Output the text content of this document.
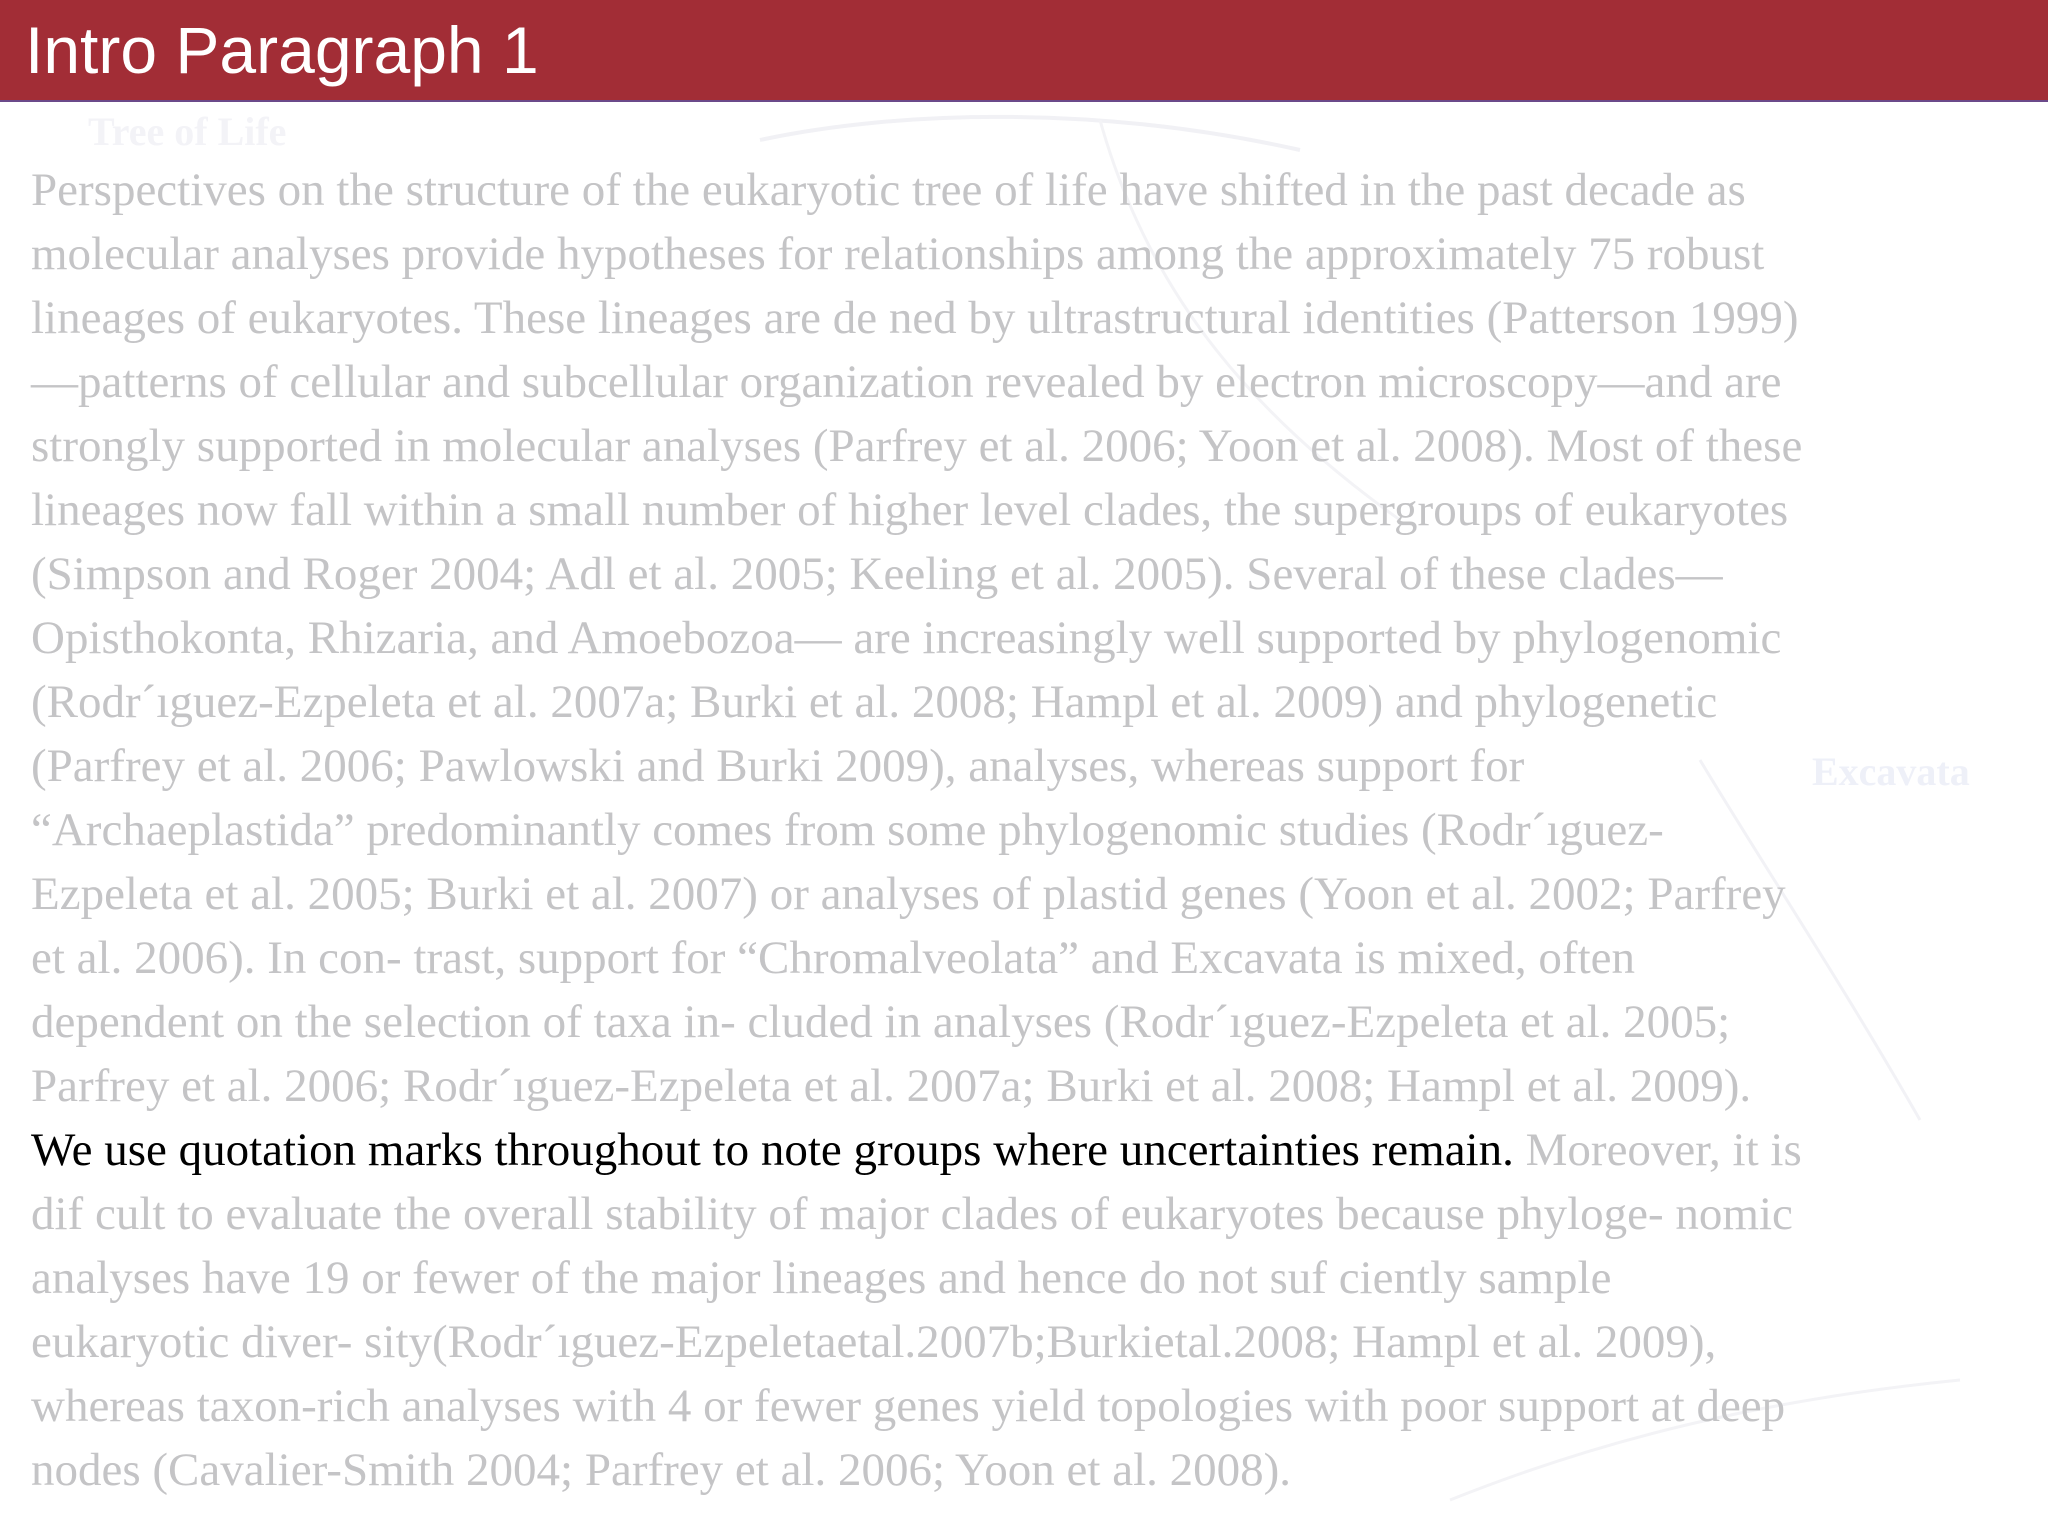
Tree of Life
Excavata
Intro Paragraph 1

Perspectives on the structure of the eukaryotic tree of life have shifted in the past decade as
molecular analyses provide hypotheses for relationships among the approximately 75 robust
lineages of eukaryotes. These lineages are de ned by ultrastructural identities (Patterson 1999)
—patterns of cellular and subcellular organization revealed by electron microscopy—and are
strongly supported in molecular analyses (Parfrey et al. 2006; Yoon et al. 2008). Most of these
lineages now fall within a small number of higher level clades, the supergroups of eukaryotes
(Simpson and Roger 2004; Adl et al. 2005; Keeling et al. 2005). Several of these clades—
Opisthokonta, Rhizaria, and Amoebozoa— are increasingly well supported by phylogenomic
(Rodr´ıguez-Ezpeleta et al. 2007a; Burki et al. 2008; Hampl et al. 2009) and phylogenetic
(Parfrey et al. 2006; Pawlowski and Burki 2009), analyses, whereas support for
“Archaeplastida” predominantly comes from some phylogenomic studies (Rodr´ıguez-
Ezpeleta et al. 2005; Burki et al. 2007) or analyses of plastid genes (Yoon et al. 2002; Parfrey
et al. 2006). In con- trast, support for “Chromalveolata” and Excavata is mixed, often
dependent on the selection of taxa in- cluded in analyses (Rodr´ıguez-Ezpeleta et al. 2005;
Parfrey et al. 2006; Rodr´ıguez-Ezpeleta et al. 2007a; Burki et al. 2008; Hampl et al. 2009).
We use quotation marks throughout to note groups where uncertainties remain. Moreover, it is
dif cult to evaluate the overall stability of major clades of eukaryotes because phyloge- nomic
analyses have 19 or fewer of the major lineages and hence do not suf ciently sample
eukaryotic diver- sity(Rodr´ıguez-Ezpeletaetal.2007b;Burkietal.2008; Hampl et al. 2009),
whereas taxon-rich analyses with 4 or fewer genes yield topologies with poor support at deep
nodes (Cavalier-Smith 2004; Parfrey et al. 2006; Yoon et al. 2008).
